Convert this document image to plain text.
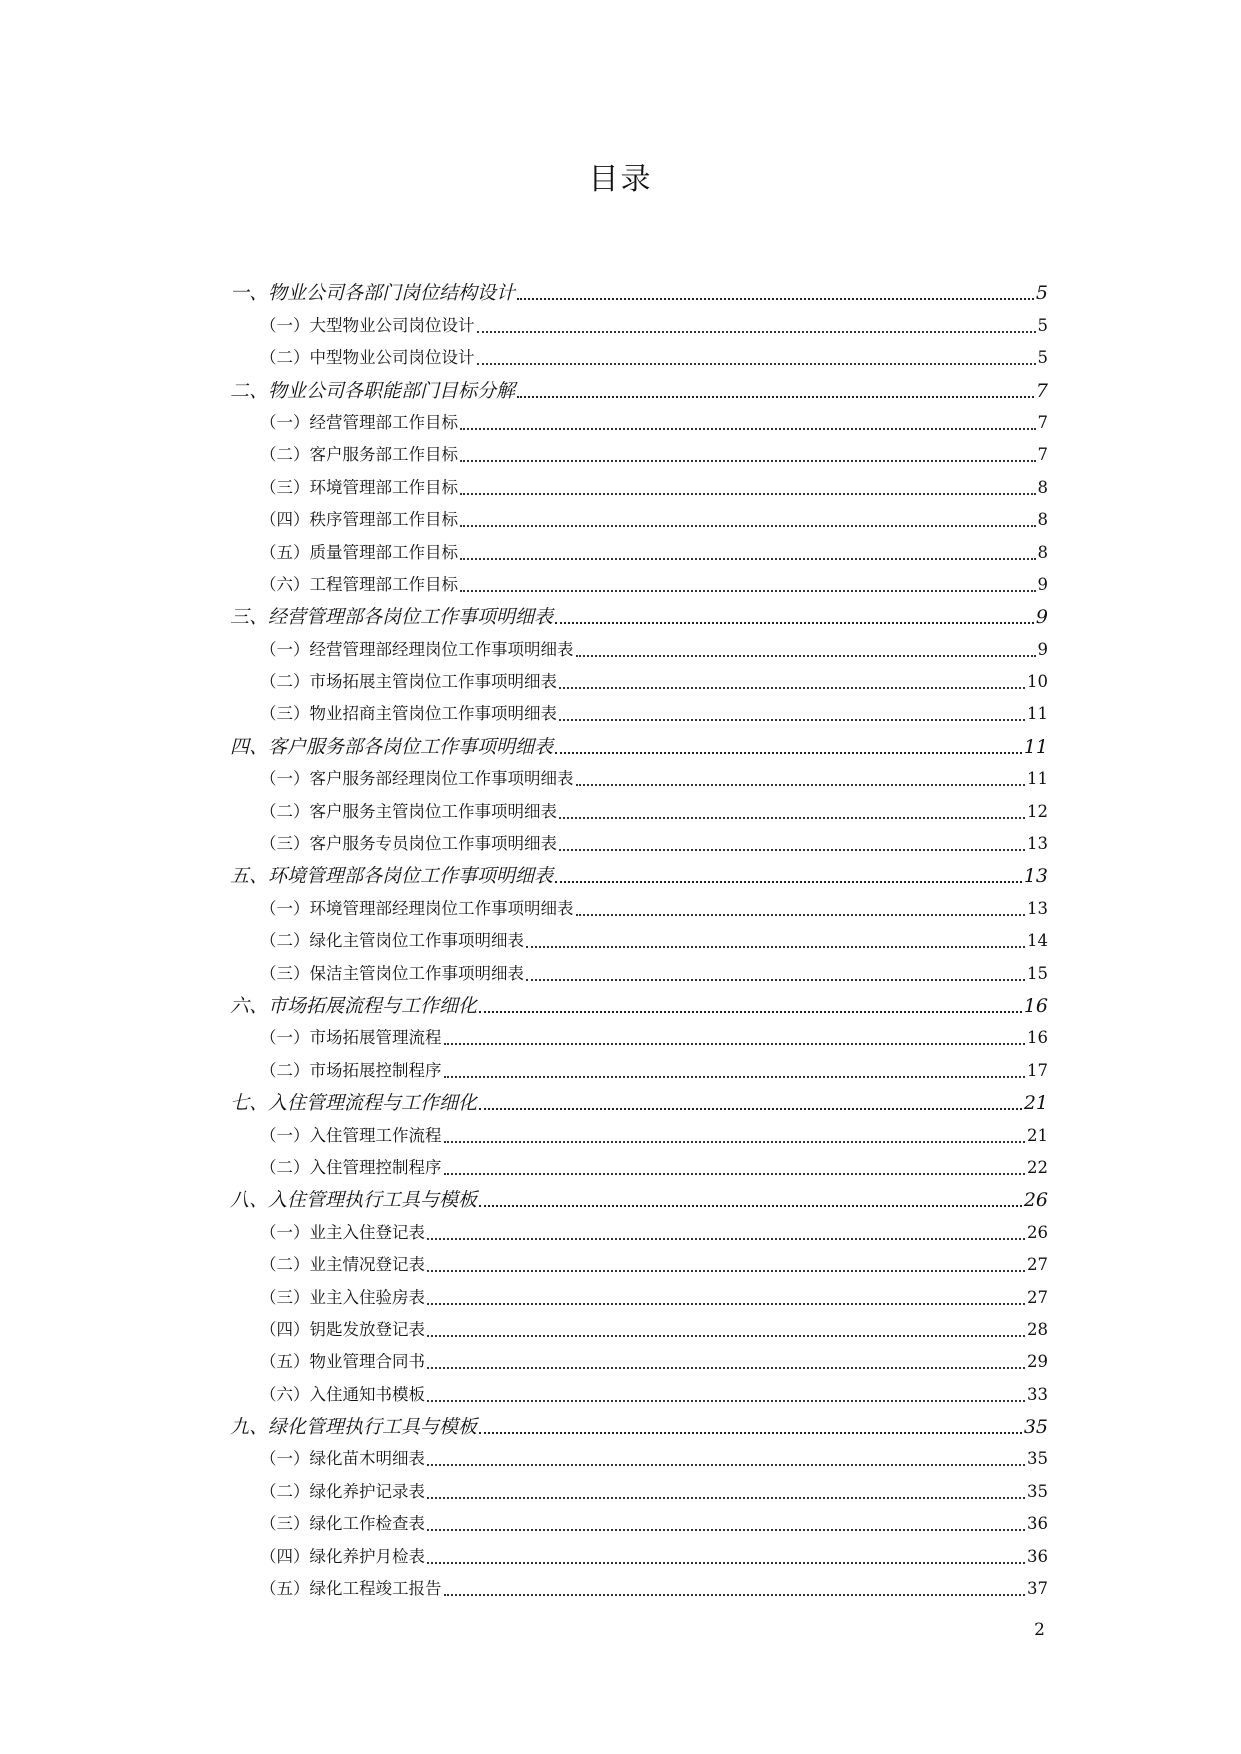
目录
一、物业公司各部门岗位结构设计	5
（一）大型物业公司岗位设计	5
（二）中型物业公司岗位设计	5
二、物业公司各职能部门目标分解	7
（一）经营管理部工作目标	7
（二）客户服务部工作目标	7
（三）环境管理部工作目标	8
（四）秩序管理部工作目标	8
（五）质量管理部工作目标	8
（六）工程管理部工作目标	9
三、经营管理部各岗位工作事项明细表	9
（一）经营管理部经理岗位工作事项明细表	9
（二）市场拓展主管岗位工作事项明细表	10
（三）物业招商主管岗位工作事项明细表	11
四、客户服务部各岗位工作事项明细表	11
（一）客户服务部经理岗位工作事项明细表	11
（二）客户服务主管岗位工作事项明细表	12
（三）客户服务专员岗位工作事项明细表	13
五、环境管理部各岗位工作事项明细表	13
（一）环境管理部经理岗位工作事项明细表	13
（二）绿化主管岗位工作事项明细表	14
（三）保洁主管岗位工作事项明细表	15
六、市场拓展流程与工作细化	16
（一）市场拓展管理流程	16
（二）市场拓展控制程序	17
七、入住管理流程与工作细化	21
（一）入住管理工作流程	21
（二）入住管理控制程序	22
八、入住管理执行工具与模板	26
（一）业主入住登记表	26
（二）业主情况登记表	27
（三）业主入住验房表	27
（四）钥匙发放登记表	28
（五）物业管理合同书	29
（六）入住通知书模板	33
九、绿化管理执行工具与模板	35
（一）绿化苗木明细表	35
（二）绿化养护记录表	35
（三）绿化工作检查表	36
（四）绿化养护月检表	36
（五）绿化工程竣工报告	37
2
